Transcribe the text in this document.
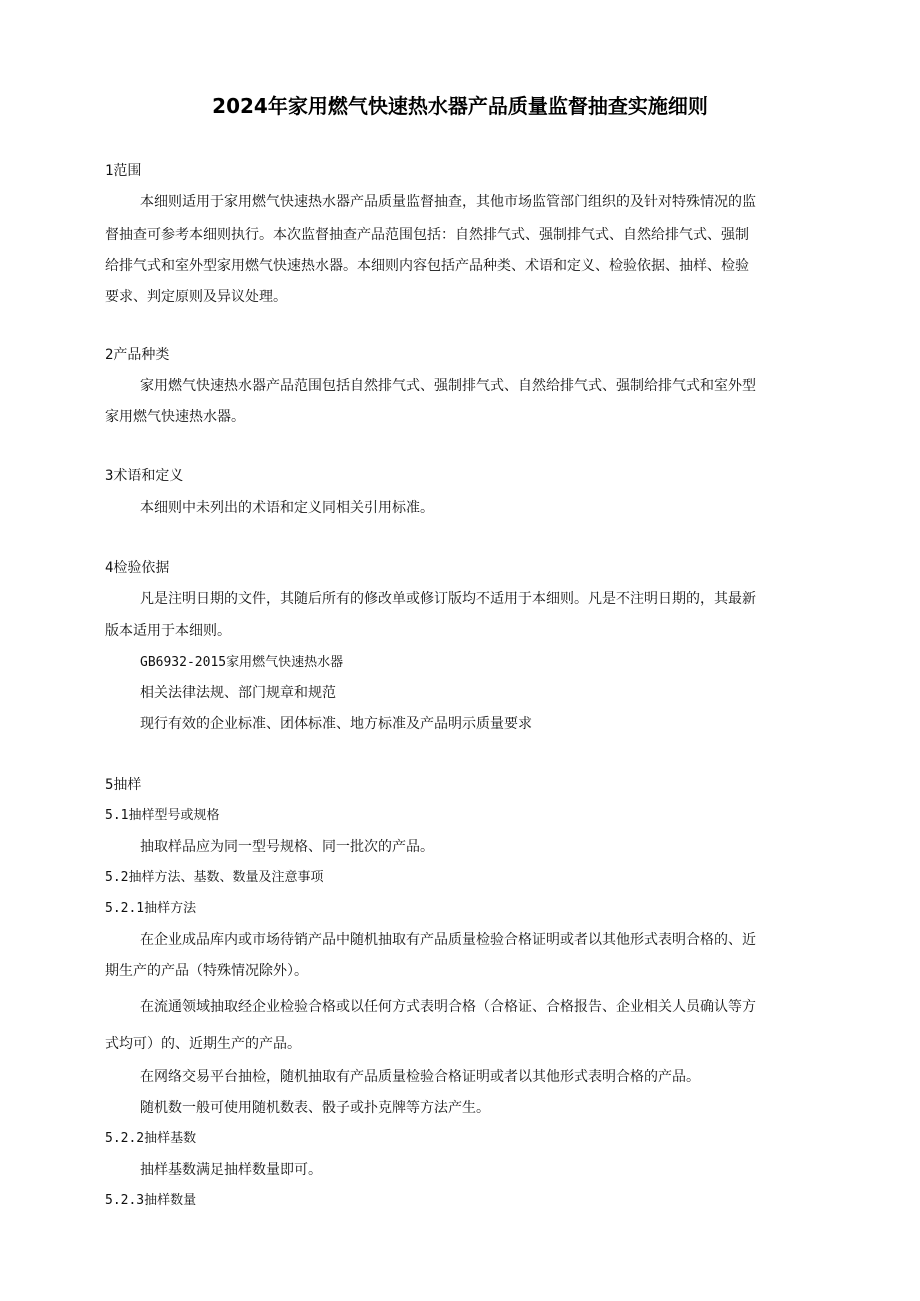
2024年家用燃气快速热水器产品质量监督抽查实施细则

1范围

本细则适用于家用燃气快速热水器产品质量监督抽查，其他市场监管部门组织的及针对特殊情况的监

督抽查可参考本细则执行。本次监督抽查产品范围包括：自然排气式、强制排气式、自然给排气式、强制

给排气式和室外型家用燃气快速热水器。本细则内容包括产品种类、术语和定义、检验依据、抽样、检验

要求、判定原则及异议处理。

2产品种类

家用燃气快速热水器产品范围包括自然排气式、强制排气式、自然给排气式、强制给排气式和室外型

家用燃气快速热水器。

3术语和定义

本细则中未列出的术语和定义同相关引用标准。

4检验依据

凡是注明日期的文件，其随后所有的修改单或修订版均不适用于本细则。凡是不注明日期的，其最新

版本适用于本细则。

GB6932-2015家用燃气快速热水器

相关法律法规、部门规章和规范

现行有效的企业标准、团体标准、地方标准及产品明示质量要求

5抽样

5.1抽样型号或规格

抽取样品应为同一型号规格、同一批次的产品。

5.2抽样方法、基数、数量及注意事项

5.2.1抽样方法

在企业成品库内或市场待销产品中随机抽取有产品质量检验合格证明或者以其他形式表明合格的、近

期生产的产品（特殊情况除外）。

在流通领域抽取经企业检验合格或以任何方式表明合格（合格证、合格报告、企业相关人员确认等方

式均可）的、近期生产的产品。

在网络交易平台抽检，随机抽取有产品质量检验合格证明或者以其他形式表明合格的产品。

随机数一般可使用随机数表、骰子或扑克牌等方法产生。

5.2.2抽样基数

抽样基数满足抽样数量即可。

5.2.3抽样数量
